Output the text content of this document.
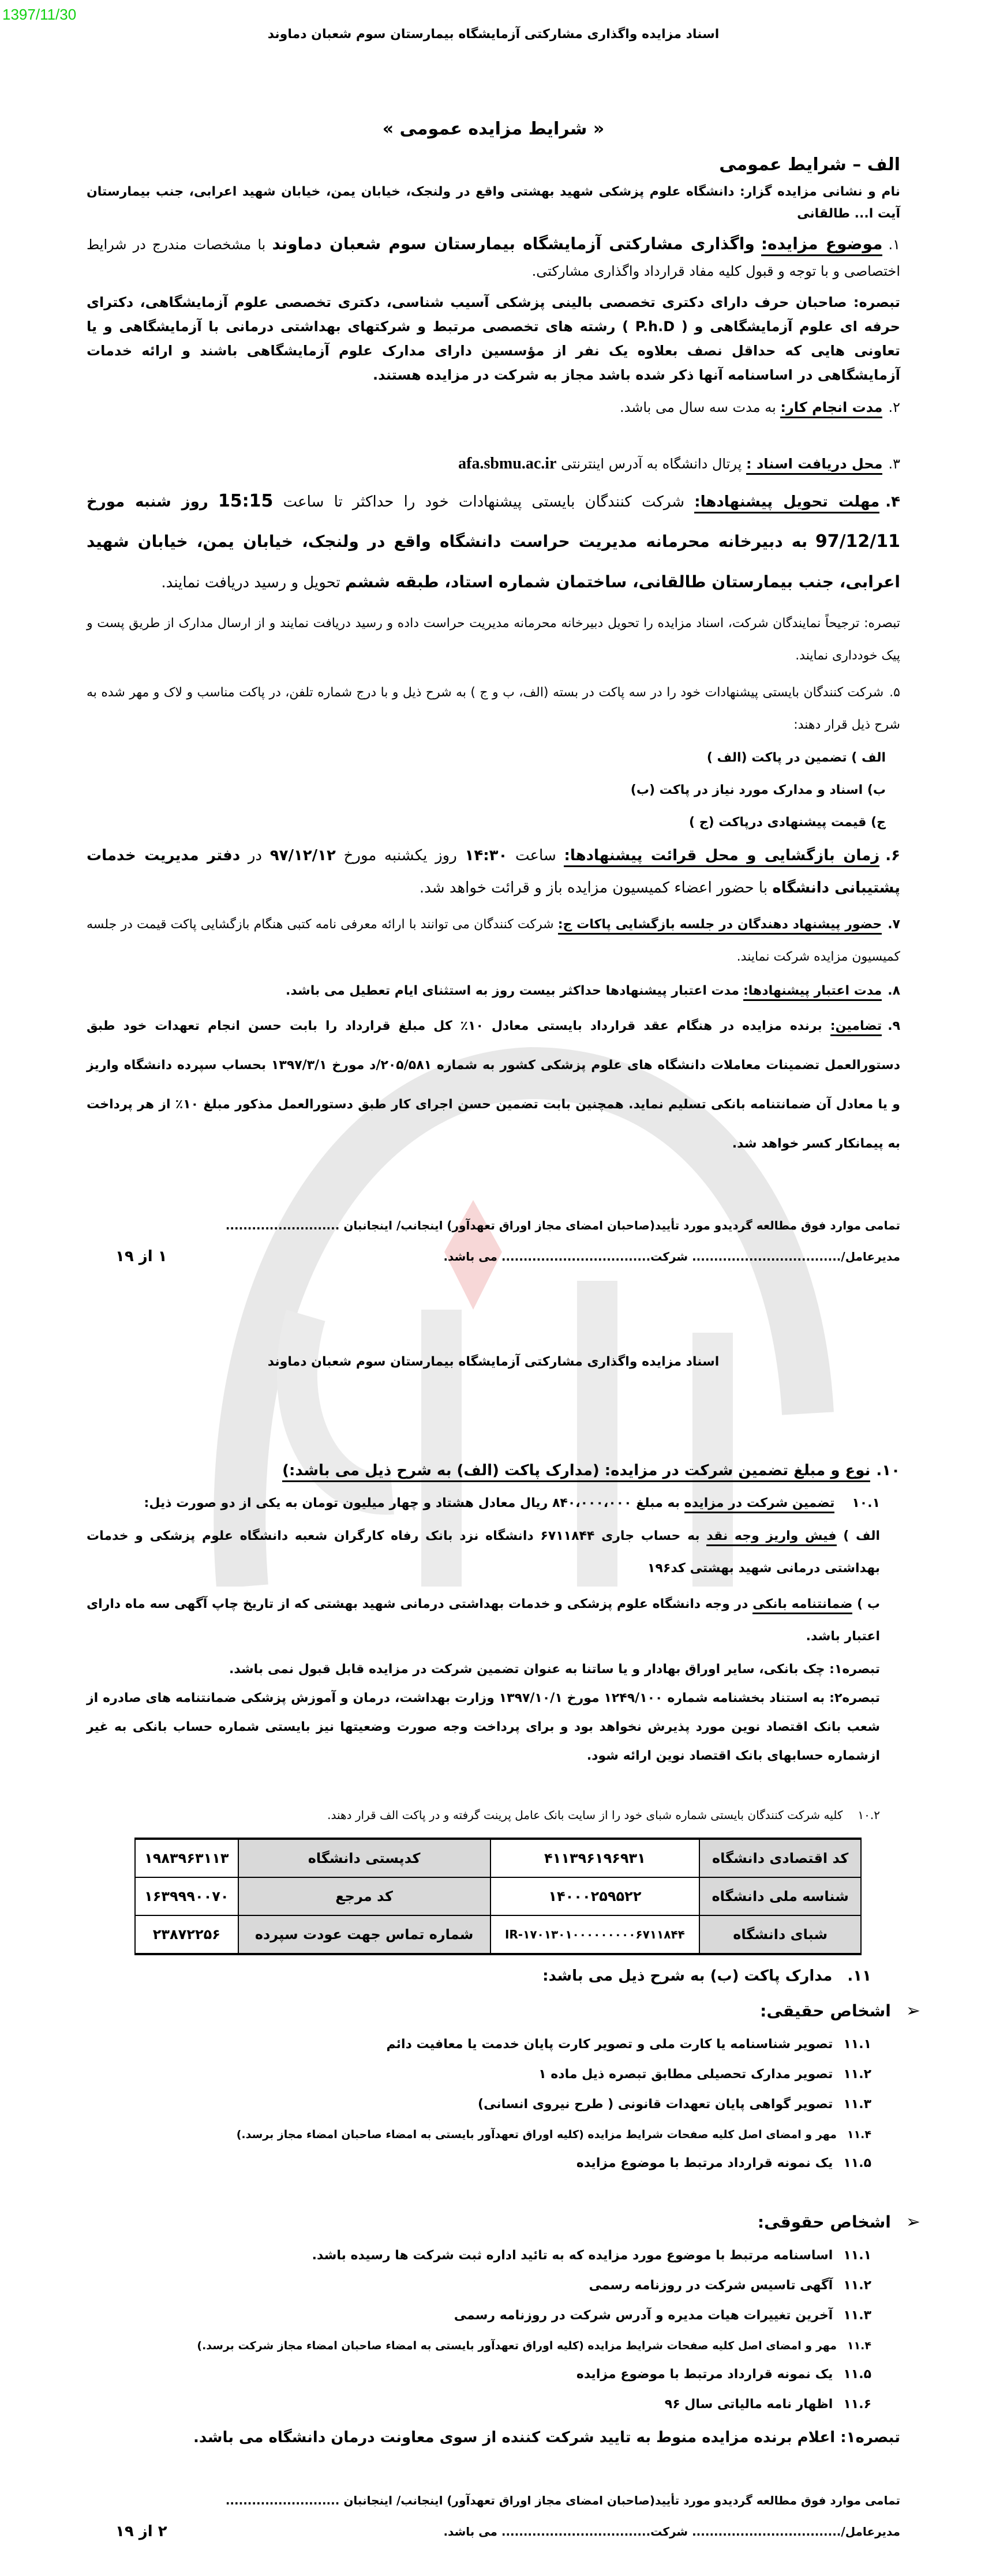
1397/11/30
اسناد مزایده واگذاری مشارکتی آزمایشگاه بیمارستان سوم شعبان دماوند
« شرایط مزایده عمومی »
الف – شرایط عمومی
نام و نشانی مزایده گزار: دانشگاه علوم پزشکی شهید بهشتی واقع در ولنجک، خیابان یمن، خیابان شهید اعرابی، جنب بیمارستان آیت ا... طالقانی
۱.موضوع مزایده: واگذاری مشارکتی آزمایشگاه بیمارستان سوم شعبان دماوند با مشخصات مندرج در شرایط اختصاصی و با توجه و قبول کلیه مفاد قرارداد واگذاری مشارکتی.
تبصره: صاحبان حرف دارای دکتری تخصصی بالینی پزشکی آسیب شناسی، دکتری تخصصی علوم آزمایشگاهی، دکترای حرفه ای علوم آزمایشگاهی و ( P.h.D ) رشته های تخصصی مرتبط و شرکتهای بهداشتی درمانی با آزمایشگاهی و یا تعاونی هایی که حداقل نصف بعلاوه یک نفر از مؤسسین دارای مدارک علوم آزمایشگاهی باشند و ارائه خدمات آزمایشگاهی در اساسنامه آنها ذکر شده باشد مجاز به شرکت در مزایده هستند.
۲.مدت انجام کار: به مدت سه سال می باشد.
۳.محل دریافت اسناد : پرتال دانشگاه به آدرس اینترنتی afa.sbmu.ac.ir
۴.مهلت تحویل پیشنهادها: شرکت کنندگان بایستی پیشنهادات خود را حداکثر تا ساعت 15:15 روز شنبه مورخ 97/12/11 به دبیرخانه محرمانه مدیریت حراست دانشگاه واقع در ولنجک، خیابان یمن، خیابان شهید اعرابی، جنب بیمارستان طالقانی، ساختمان شماره استاد، طبقه ششم تحویل و رسید دریافت نمایند.
تبصره: ترجیحاً نمایندگان شرکت، اسناد مزایده را تحویل دبیرخانه محرمانه مدیریت حراست داده و رسید دریافت نمایند و از ارسال مدارک از طریق پست و پیک خودداری نمایند.
۵.شرکت کنندگان بایستی پیشنهادات خود را در سه پاکت در بسته (الف، ب و ج ) به شرح ذیل و با درج شماره تلفن، در پاکت مناسب و لاک و مهر شده به شرح ذیل قرار دهند:
الف ) تضمین در پاکت (الف )
ب) اسناد و مدارک مورد نیاز در پاکت (ب)
ج) قیمت پیشنهادی درپاکت (ج )
۶.زمان بازگشایی و محل قرائت پیشنهادها: ساعت ۱۴:۳۰ روز یکشنبه مورخ ۹۷/۱۲/۱۲ در دفتر مدیریت خدمات پشتیبانی دانشگاه با حضور اعضاء کمیسیون مزایده باز و قرائت خواهد شد.
۷.حضور پیشنهاد دهندگان در جلسه بازگشایی پاکات ج: شرکت کنندگان می توانند با ارائه معرفی نامه کتبی هنگام بازگشایی پاکت قیمت در جلسه کمیسیون مزایده شرکت نمایند.
۸.مدت اعتبار پیشنهادها: مدت اعتبار پیشنهادها حداکثر بیست روز به استثنای ایام تعطیل می باشد.
۹.تضامین: برنده مزایده در هنگام عقد قرارداد بایستی معادل ۱۰٪ کل مبلغ قرارداد را بابت حسن انجام تعهدات خود طبق دستورالعمل تضمینات معاملات دانشگاه های علوم پزشکی کشور به شماره ۲۰۵/۵۸۱/د مورخ ۱۳۹۷/۳/۱ بحساب سپرده دانشگاه واریز و یا معادل آن ضمانتنامه بانکی تسلیم نماید. همچنین بابت تضمین حسن اجرای کار طبق دستورالعمل مذکور مبلغ ۱۰٪ از هر پرداخت به پیمانکار کسر خواهد شد.
تمامی موارد فوق مطالعه گردیدو مورد تأیید(صاحبان امضای مجاز اوراق تعهدآور) اینجانب/ اینجانبان ..........................
مدیرعامل/.................................. شرکت.................................. می باشد.
۱ از ۱۹
اسناد مزایده واگذاری مشارکتی آزمایشگاه بیمارستان سوم شعبان دماوند
۱۰.نوع و مبلغ تضمین شرکت در مزایده: (مدارک پاکت (الف) به شرح ذیل می باشد:)
۱۰.۱تضمین شرکت در مزایده به مبلغ ۸۴۰،۰۰۰،۰۰۰ ریال معادل هشتاد و چهار میلیون تومان به یکی از دو صورت ذیل:
الف ) فیش واریز وجه نقد به حساب جاری ۶۷۱۱۸۴۴ دانشگاه نزد بانک رفاه کارگران شعبه دانشگاه علوم پزشکی و خدمات بهداشتی درمانی شهید بهشتی کد۱۹۶
ب ) ضمانتنامه بانکی در وجه دانشگاه علوم پزشکی و خدمات بهداشتی درمانی شهید بهشتی که از تاریخ چاپ آگهی سه ماه دارای اعتبار باشد.
تبصره۱: چک بانکی، سایر اوراق بهادار و یا ساتنا به عنوان تضمین شرکت در مزایده قابل قبول نمی باشد.
تبصره۲: به استناد بخشنامه شماره ۱۲۴۹/۱۰۰ مورخ ۱۳۹۷/۱۰/۱ وزارت بهداشت، درمان و آموزش پزشکی ضمانتنامه های صادره از شعب بانک اقتصاد نوین مورد پذیرش نخواهد بود و برای پرداخت وجه صورت وضعیتها نیز بایستی شماره حساب بانکی به غیر ازشماره حسابهای بانک اقتصاد نوین ارائه شود.
۱۰.۲کلیه شرکت کنندگان بایستی شماره شبای خود را از سایت بانک عامل پرینت گرفته و در پاکت الف قرار دهند.
کد اقتصادی دانشگاه	۴۱۱۳۹۶۱۹۶۹۳۱	کدپستی دانشگاه	۱۹۸۳۹۶۳۱۱۳
شناسه ملی دانشگاه	۱۴۰۰۰۲۵۹۵۲۲	کد مرجع	۱۶۳۹۹۹۰۰۷۰
شبای دانشگاه	IR-۱۷۰۱۳۰۱۰۰۰۰۰۰۰۰۰۶۷۱۱۸۴۴	شماره تماس جهت عودت سپرده	۲۳۸۷۲۲۵۶
۱۱.مدارک پاکت (ب) به شرح ذیل می باشد:
➢اشخاص حقیقی:
۱۱.۱تصویر شناسنامه یا کارت ملی و تصویر کارت پایان خدمت یا معافیت دائم
۱۱.۲تصویر مدارک تحصیلی مطابق تبصره ذیل ماده ۱
۱۱.۳تصویر گواهی پایان تعهدات قانونی ( طرح نیروی انسانی)
۱۱.۴مهر و امضای اصل کلیه صفحات شرایط مزایده (کلیه اوراق تعهدآور بایستی به امضاء صاحبان امضاء مجاز برسد.)
۱۱.۵یک نمونه قرارداد مرتبط با موضوع مزایده
➢اشخاص حقوقی:
۱۱.۱اساسنامه مرتبط با موضوع مورد مزایده که به تائید اداره ثبت شرکت ها رسیده باشد.
۱۱.۲آگهی تاسیس شرکت در روزنامه رسمی
۱۱.۳آخرین تغییرات هیات مدیره و آدرس شرکت در روزنامه رسمی
۱۱.۴مهر و امضای اصل کلیه صفحات شرایط مزایده (کلیه اوراق تعهدآور بایستی به امضاء صاحبان امضاء مجاز شرکت برسد.)
۱۱.۵یک نمونه قرارداد مرتبط با موضوع مزایده
۱۱.۶اظهار نامه مالیاتی سال ۹۶
تبصره۱: اعلام برنده مزایده منوط به تایید شرکت کننده از سوی معاونت درمان دانشگاه می باشد.
تمامی موارد فوق مطالعه گردیدو مورد تأیید(صاحبان امضای مجاز اوراق تعهدآور) اینجانب/ اینجانبان ..........................
مدیرعامل/.................................. شرکت.................................. می باشد.
۲ از ۱۹
